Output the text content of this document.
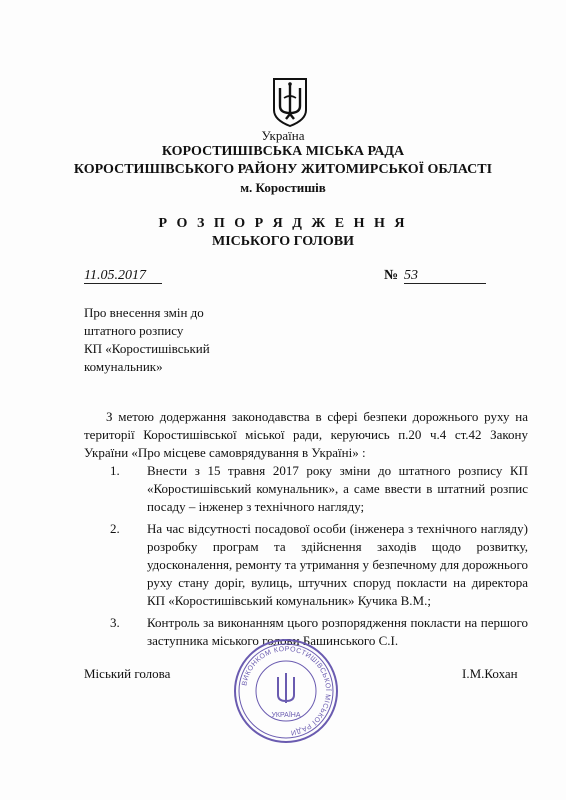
Україна
КОРОСТИШІВСЬКА МІСЬКА РАДА
КОРОСТИШІВСЬКОГО РАЙОНУ ЖИТОМИРСЬКОЇ ОБЛАСТІ
м. Коростишів
Р О З П О Р Я Д Ж Е Н Н Я
МІСЬКОГО ГОЛОВИ
11.05.2017	№ 53
Про внесення змін до
штатного розпису
КП «Коростишівський
комунальник»
З метою додержання законодавства в сфері безпеки дорожнього руху на території Коростишівської міської ради, керуючись п.20 ч.4 ст.42 Закону України «Про місцеве самоврядування в Україні» :
1. Внести з 15 травня 2017 року зміни до штатного розпису КП «Коростишівський комунальник», а саме ввести в штатний розпис посаду – інженер з технічного нагляду;
2. На час відсутності посадової особи (інженера з технічного нагляду) розробку програм та здійснення заходів щодо розвитку, удосконалення, ремонту та утримання у безпечному для дорожнього руху стану доріг, вулиць, штучних споруд покласти на директора КП «Коростишівський комунальник» Кучика В.М.;
3. Контроль за виконанням цього розпорядження покласти на першого заступника міського голови Башинського С.І.
Міський голова	І.М.Кохан
ВИКОНКОМ КОРОСТИШІВСЬКОЇ МІСЬКОЇ РАДИ
УКРАЇНА
